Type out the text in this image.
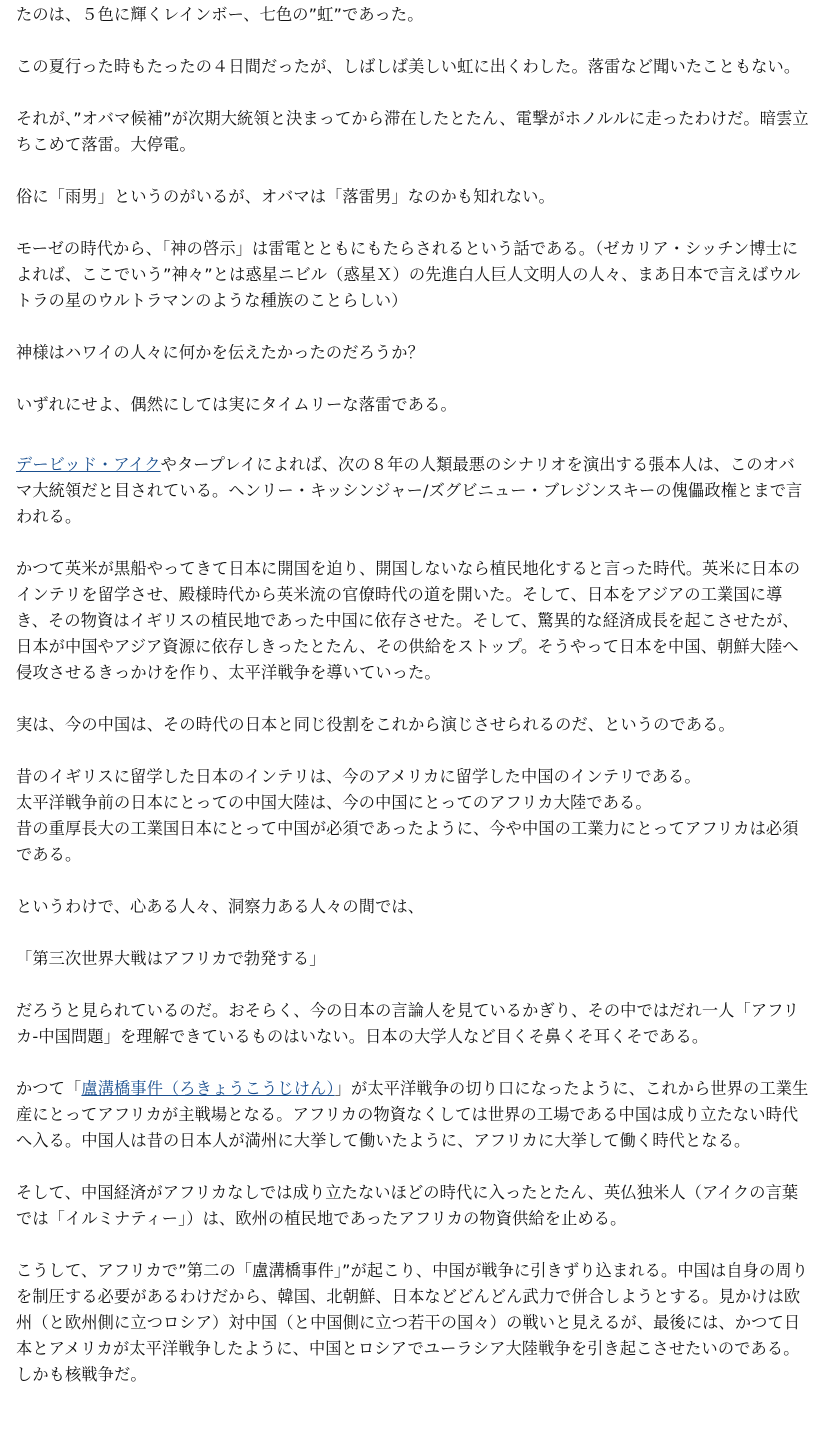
たのは、５色に輝くレインボー、七色の”虹”であった。

この夏行った時もたったの４日間だったが、しばしば美しい虹に出くわした。落雷など聞いたこともない。

それが、”オバマ候補”が次期大統領と決まってから滞在したとたん、電撃がホノルルに走ったわけだ。暗雲立ちこめて落雷。大停電。

俗に「雨男」というのがいるが、オバマは「落雷男」なのかも知れない。

モーゼの時代から、「神の啓示」は雷電とともにもたらされるという話である。（ゼカリア・シッチン博士によれば、ここでいう”神々”とは惑星ニビル（惑星Ｘ）の先進白人巨人文明人の人々、まあ日本で言えばウルトラの星のウルトラマンのような種族のことらしい）

神様はハワイの人々に何かを伝えたかったのだろうか？

いずれにせよ、偶然にしては実にタイムリーな落雷である。

デービッド・アイクやタープレイによれば、次の８年の人類最悪のシナリオを演出する張本人は、このオバマ大統領だと目されている。ヘンリー・キッシンジャー/ズグビニュー・ブレジンスキーの傀儡政権とまで言われる。

かつて英米が黒船やってきて日本に開国を迫り、開国しないなら植民地化すると言った時代。英米に日本のインテリを留学させ、殿様時代から英米流の官僚時代の道を開いた。そして、日本をアジアの工業国に導き、その物資はイギリスの植民地であった中国に依存させた。そして、驚異的な経済成長を起こさせたが、日本が中国やアジア資源に依存しきったとたん、その供給をストップ。そうやって日本を中国、朝鮮大陸へ侵攻させるきっかけを作り、太平洋戦争を導いていった。

実は、今の中国は、その時代の日本と同じ役割をこれから演じさせられるのだ、というのである。

昔のイギリスに留学した日本のインテリは、今のアメリカに留学した中国のインテリである。
太平洋戦争前の日本にとっての中国大陸は、今の中国にとってのアフリカ大陸である。
昔の重厚長大の工業国日本にとって中国が必須であったように、今や中国の工業力にとってアフリカは必須である。

というわけで、心ある人々、洞察力ある人々の間では、

「第三次世界大戦はアフリカで勃発する」

だろうと見られているのだ。おそらく、今の日本の言論人を見ているかぎり、その中ではだれ一人「アフリカ-中国問題」を理解できているものはいない。日本の大学人など目くそ鼻くそ耳くそである。

かつて「盧溝橋事件（ろきょうこうじけん）」が太平洋戦争の切り口になったように、これから世界の工業生産にとってアフリカが主戦場となる。アフリカの物資なくしては世界の工場である中国は成り立たない時代へ入る。中国人は昔の日本人が満州に大挙して働いたように、アフリカに大挙して働く時代となる。

そして、中国経済がアフリカなしでは成り立たないほどの時代に入ったとたん、英仏独米人（アイクの言葉では「イルミナティー」）は、欧州の植民地であったアフリカの物資供給を止める。

こうして、アフリカで”第二の「盧溝橋事件」”が起こり、中国が戦争に引きずり込まれる。中国は自身の周りを制圧する必要があるわけだから、韓国、北朝鮮、日本などどんどん武力で併合しようとする。見かけは欧州（と欧州側に立つロシア）対中国（と中国側に立つ若干の国々）の戦いと見えるが、最後には、かつて日本とアメリカが太平洋戦争したように、中国とロシアでユーラシア大陸戦争を引き起こさせたいのである。しかも核戦争だ。
